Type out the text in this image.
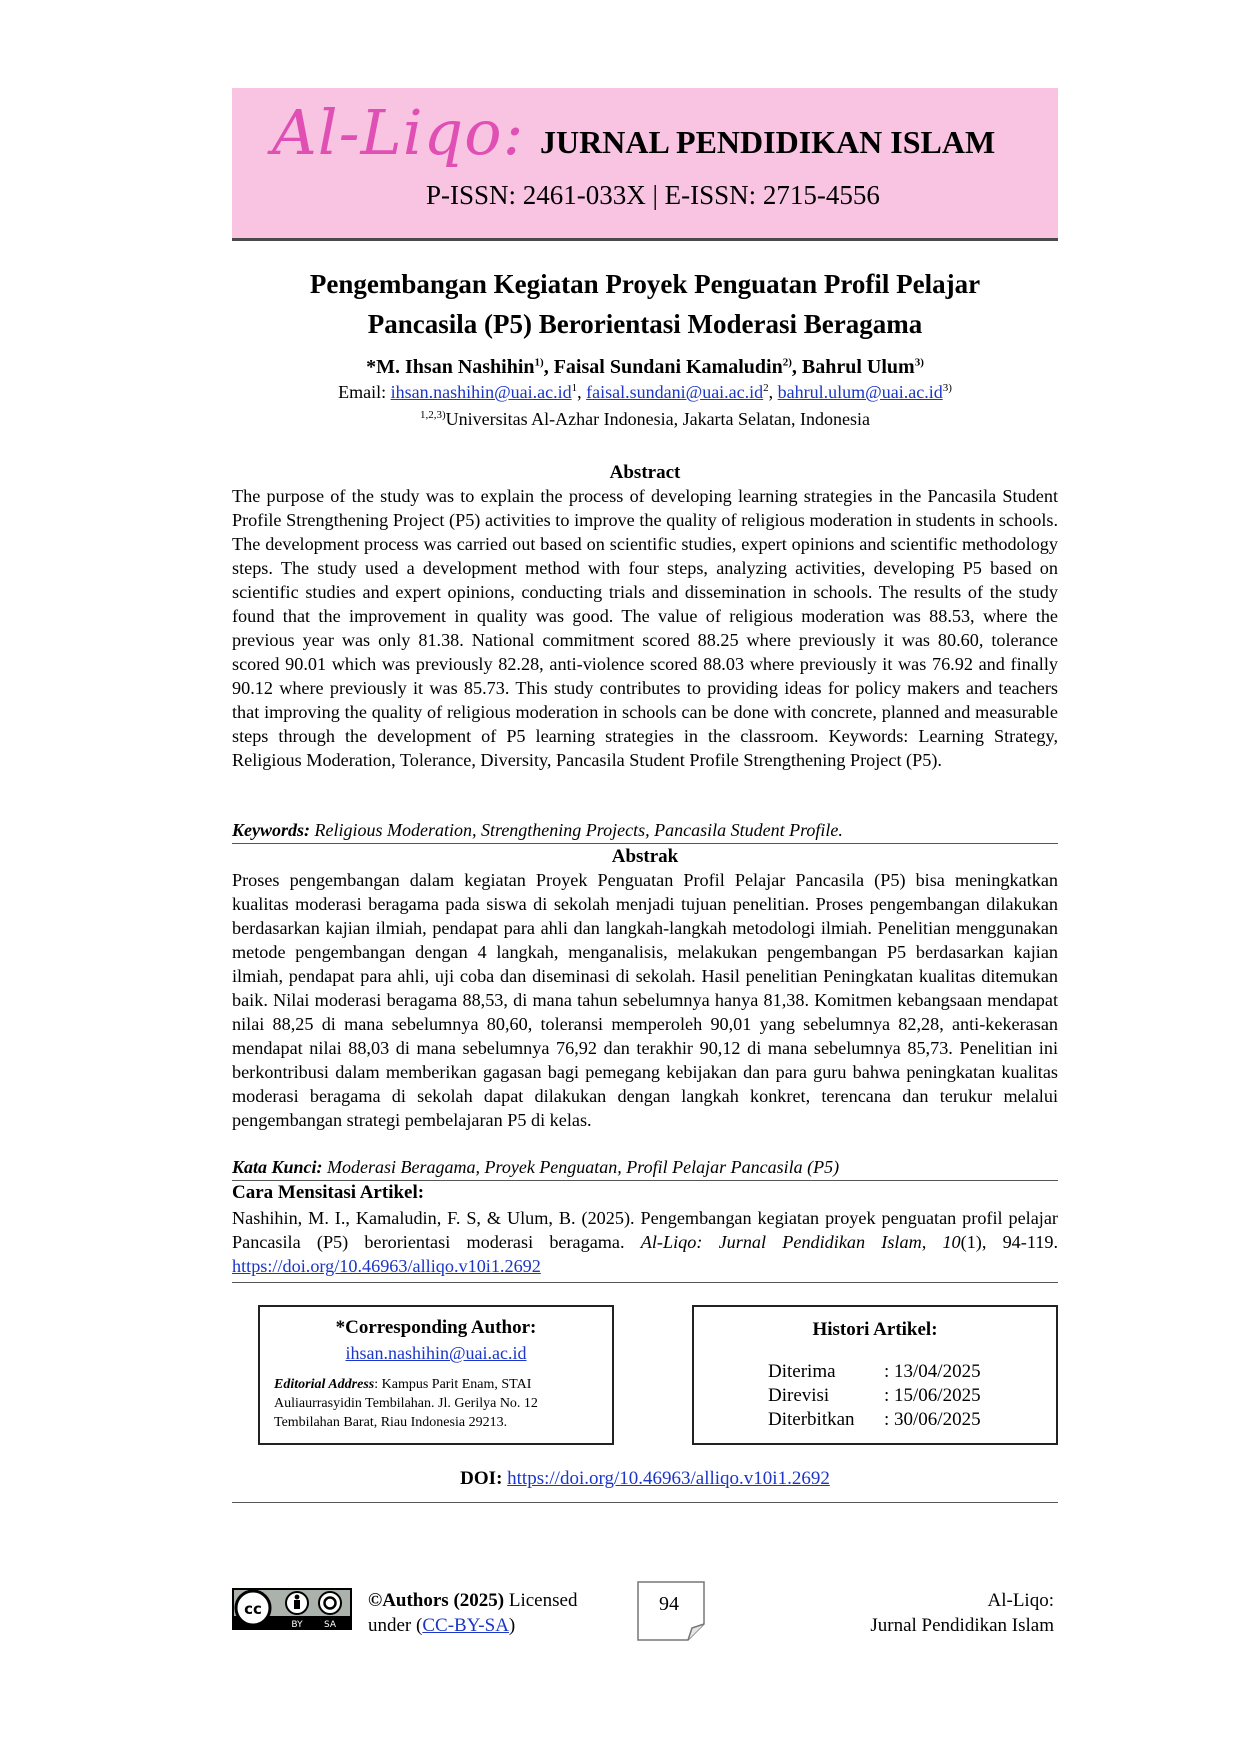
Al-Liqo: JURNAL PENDIDIKAN ISLAM
P-ISSN: 2461-033X | E-ISSN: 2715-4556
Pengembangan Kegiatan Proyek Penguatan Profil Pelajar
Pancasila (P5) Berorientasi Moderasi Beragama
*M. Ihsan Nashihin$^{1)}$, Faisal Sundani Kamaludin$^{2)}$, Bahrul Ulum$^{3)}$
Email: $ihsan.nashihin@uai.ac.id^1$, $faisal.sundani@uai.ac.id^2$, $bahrul.ulum@uai.ac.id^{3)}$
$^{1,2,3)}$Universitas Al-Azhar Indonesia, Jakarta Selatan, Indonesia
Abstract
The purpose of the study was to explain the process of developing learning strategies in the Pancasila Student Profile Strengthening Project (P5) activities to improve the quality of religious moderation in students in schools. The development process was carried out based on scientific studies, expert opinions and scientific methodology steps. The study used a development method with four steps, analyzing activities, developing P5 based on scientific studies and expert opinions, conducting trials and dissemination in schools. The results of the study found that the improvement in quality was good. The value of religious moderation was 88.53, where the previous year was only 81.38. National commitment scored 88.25 where previously it was 80.60, tolerance scored 90.01 which was previously 82.28, anti-violence scored 88.03 where previously it was 76.92 and finally 90.12 where previously it was 85.73. This study contributes to providing ideas for policy makers and teachers that improving the quality of religious moderation in schools can be done with concrete, planned and measurable steps through the development of P5 learning strategies in the classroom. Keywords: Learning Strategy, Religious Moderation, Tolerance, Diversity, Pancasila Student Profile Strengthening Project (P5).
Keywords: Religious Moderation, Strengthening Projects, Pancasila Student Profile.
Abstrak
Proses pengembangan dalam kegiatan Proyek Penguatan Profil Pelajar Pancasila (P5) bisa meningkatkan kualitas moderasi beragama pada siswa di sekolah menjadi tujuan penelitian. Proses pengembangan dilakukan berdasarkan kajian ilmiah, pendapat para ahli dan langkah-langkah metodologi ilmiah. Penelitian menggunakan metode pengembangan dengan 4 langkah, menganalisis, melakukan pengembangan P5 berdasarkan kajian ilmiah, pendapat para ahli, uji coba dan diseminasi di sekolah. Hasil penelitian Peningkatan kualitas ditemukan baik. Nilai moderasi beragama 88,53, di mana tahun sebelumnya hanya 81,38. Komitmen kebangsaan mendapat nilai 88,25 di mana sebelumnya 80,60, toleransi memperoleh 90,01 yang sebelumnya 82,28, anti-kekerasan mendapat nilai 88,03 di mana sebelumnya 76,92 dan terakhir 90,12 di mana sebelumnya 85,73. Penelitian ini berkontribusi dalam memberikan gagasan bagi pemegang kebijakan dan para guru bahwa peningkatan kualitas moderasi beragama di sekolah dapat dilakukan dengan langkah konkret, terencana dan terukur melalui pengembangan strategi pembelajaran P5 di kelas.
Kata Kunci: Moderasi Beragama, Proyek Penguatan, Profil Pelajar Pancasila (P5)
Cara Mensitasi Artikel:
Nashihin, M. I., Kamaludin, F. S, & Ulum, B. (2025). Pengembangan kegiatan proyek penguatan profil pelajar Pancasila (P5) berorientasi moderasi beragama. Al-Liqo: Jurnal Pendidikan Islam, 10(1), 94-119. https://doi.org/10.46963/alliqo.v10i1.2692
*Corresponding Author:
ihsan.nashihin@uai.ac.id
Editorial Address: Kampus Parit Enam, STAI Auliaurrasyidin Tembilahan. Jl. Gerilya No. 12 Tembilahan Barat, Riau Indonesia 29213.
Histori Artikel:
Diterima	: 13/04/2025
Direvisi	: 15/06/2025
Diterbitkan : 30/06/2025
DOI: https://doi.org/10.46963/alliqo.v10i1.2692
cc
BY SA
©Authors (2025) Licensed
under (CC-BY-SA)
94	Al-Liqo:
Jurnal Pendidikan Islam
